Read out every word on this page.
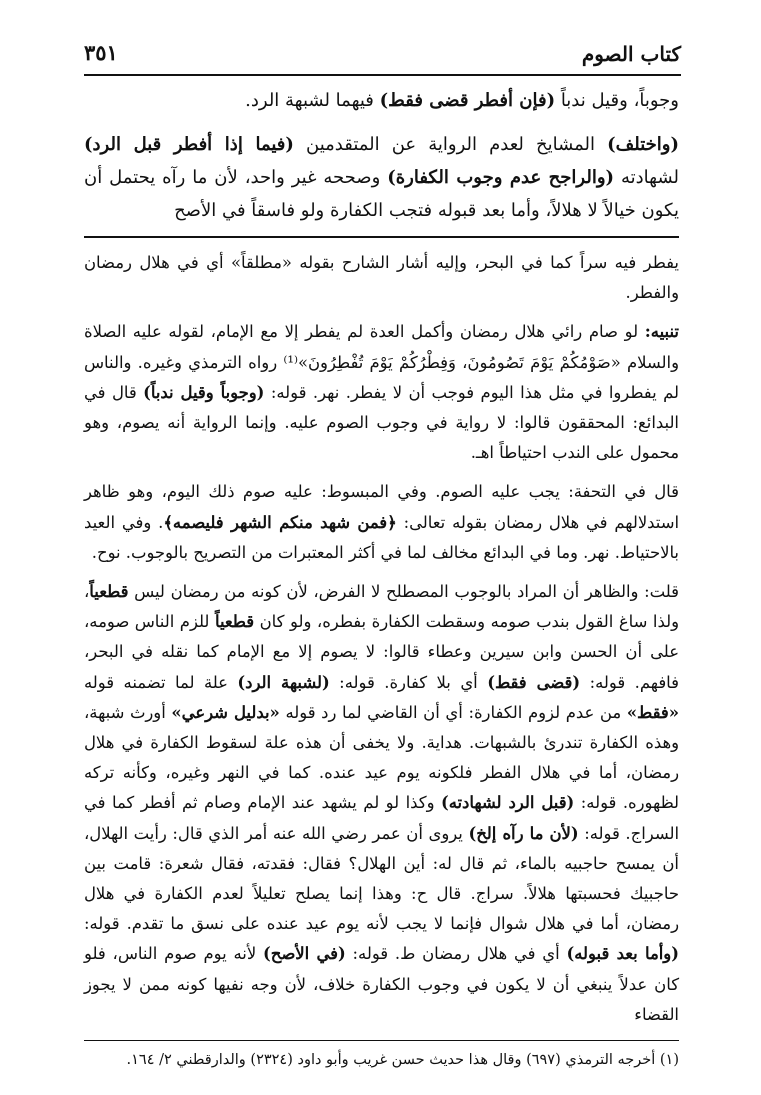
كتاب الصوم
٣٥١

وجوباً، وقيل ندباً (فإن أفطر قضى فقط) فيهما لشبهة الرد.

(واختلف) المشايخ لعدم الرواية عن المتقدمين (فيما إذا أفطر قبل الرد) لشهادته (والراجح عدم وجوب الكفارة) وصححه غير واحد، لأن ما رآه يحتمل أن يكون خيالاً لا هلالاً، وأما بعد قبوله فتجب الكفارة ولو فاسقاً في الأصح

يفطر فيه سراً كما في البحر، وإليه أشار الشارح بقوله «مطلقاً» أي في هلال رمضان والفطر.

تنبيه: لو صام رائي هلال رمضان وأكمل العدة لم يفطر إلا مع الإمام، لقوله عليه الصلاة والسلام «صَوْمُكُمْ يَوْمَ تَصُومُونَ، وَفِطْرُكُمْ يَوْمَ تُفْطِرُونَ»⁽¹⁾ رواه الترمذي وغيره. والناس لم يفطروا في مثل هذا اليوم فوجب أن لا يفطر. نهر. قوله: (وجوباً وقيل ندباً) قال في البدائع: المحققون قالوا: لا رواية في وجوب الصوم عليه. وإنما الرواية أنه يصوم، وهو محمول على الندب احتياطاً اهـ.

قال في التحفة: يجب عليه الصوم. وفي المبسوط: عليه صوم ذلك اليوم، وهو ظاهر استدلالهم في هلال رمضان بقوله تعالى: ﴿فمن شهد منكم الشهر فليصمه﴾. وفي العيد بالاحتياط. نهر. وما في البدائع مخالف لما في أكثر المعتبرات من التصريح بالوجوب. نوح.

قلت: والظاهر أن المراد بالوجوب المصطلح لا الفرض، لأن كونه من رمضان ليس قطعياً، ولذا ساغ القول بندب صومه وسقطت الكفارة بفطره، ولو كان قطعياً للزم الناس صومه، على أن الحسن وابن سيرين وعطاء قالوا: لا يصوم إلا مع الإمام كما نقله في البحر، فافهم. قوله: (قضى فقط) أي بلا كفارة. قوله: (لشبهة الرد) علة لما تضمنه قوله «فقط» من عدم لزوم الكفارة: أي أن القاضي لما رد قوله «بدليل شرعي» أورث شبهة، وهذه الكفارة تندرئ بالشبهات. هداية. ولا يخفى أن هذه علة لسقوط الكفارة في هلال رمضان، أما في هلال الفطر فلكونه يوم عيد عنده. كما في النهر وغيره، وكأنه تركه لظهوره. قوله: (قبل الرد لشهادته) وكذا لو لم يشهد عند الإمام وصام ثم أفطر كما في السراج. قوله: (لأن ما رآه إلخ) يروى أن عمر رضي الله عنه أمر الذي قال: رأيت الهلال، أن يمسح حاجبيه بالماء، ثم قال له: أين الهلال؟ فقال: فقدته، فقال شعرة: قامت بين حاجبيك فحسبتها هلالاً. سراج. قال ح: وهذا إنما يصلح تعليلاً لعدم الكفارة في هلال رمضان، أما في هلال شوال فإنما لا يجب لأنه يوم عيد عنده على نسق ما تقدم. قوله: (وأما بعد قبوله) أي في هلال رمضان ط. قوله: (في الأصح) لأنه يوم صوم الناس، فلو كان عدلاً ينبغي أن لا يكون في وجوب الكفارة خلاف، لأن وجه نفيها كونه ممن لا يجوز القضاء

(١) أخرجه الترمذي (٦٩٧) وقال هذا حديث حسن غريب وأبو داود (٢٣٢٤) والدارقطني ٢/ ١٦٤.
